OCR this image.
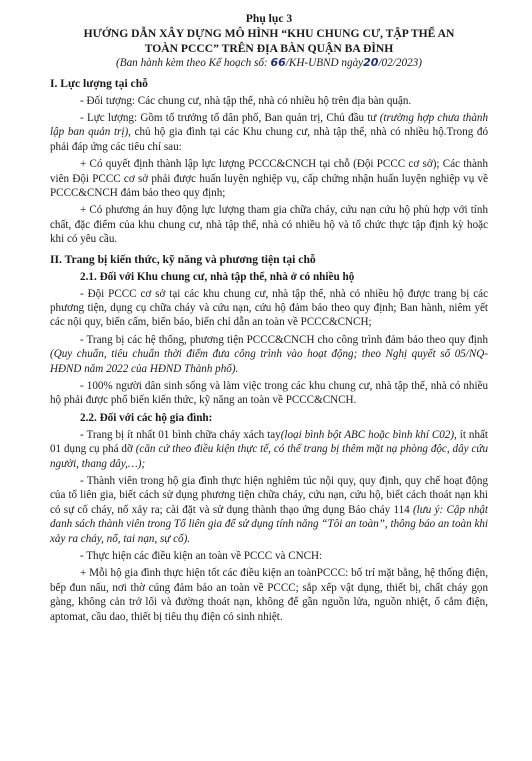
Phụ lục 3
HƯỚNG DẪN XÂY DỰNG MÔ HÌNH “KHU CHUNG CƯ, TẬP THỂ AN
TOÀN PCCC” TRÊN ĐỊA BÀN QUẬN BA ĐÌNH
(Ban hành kèm theo Kế hoạch số: 66/KH-UBND ngày20/02/2023)
I. Lực lượng tại chỗ

- Đối tượng: Các chung cư, nhà tập thể, nhà có nhiều hộ trên địa bàn quận.

- Lực lượng: Gồm tổ trưởng tổ dân phố, Ban quản trị, Chủ đầu tư (trường hợp chưa thành lập ban quản trị), chủ hộ gia đình tại các Khu chung cư, nhà tập thể, nhà có nhiều hộ.Trong đó phải đáp ứng các tiêu chí sau:

+ Có quyết định thành lập lực lượng PCCC&CNCH tại chỗ (Đội PCCC cơ sở); Các thành viên Đội PCCC cơ sở phải được huấn luyện nghiệp vụ, cấp chứng nhận huấn luyện nghiệp vụ về PCCC&CNCH đảm bảo theo quy định;

+ Có phương án huy động lực lượng tham gia chữa cháy, cứu nạn cứu hộ phù hợp với tính chất, đặc điểm của khu chung cư, nhà tập thể, nhà có nhiều hộ và tổ chức thực tập định kỳ hoặc khi có yêu cầu.

II. Trang bị kiến thức, kỹ năng và phương tiện tại chỗ
2.1. Đối với Khu chung cư, nhà tập thể, nhà ở có nhiều hộ

- Đội PCCC cơ sở tại các khu chung cư, nhà tập thể, nhà có nhiều hộ được trang bị các phương tiện, dụng cụ chữa cháy và cứu nạn, cứu hộ đảm bảo theo quy định; Ban hành, niêm yết các nội quy, biển cấm, biển báo, biển chỉ dẫn an toàn về PCCC&CNCH;

- Trang bị các hệ thống, phương tiện PCCC&CNCH cho công trình đảm bảo theo quy định (Quy chuẩn, tiêu chuẩn thời điểm đưa công trình vào hoạt động; theo Nghị quyết số 05/NQ- HĐND năm 2022 của HĐND Thành phố).

- 100% người dân sinh sống và làm việc trong các khu chung cư, nhà tập thể, nhà có nhiều hộ phải được phổ biến kiến thức, kỹ năng an toàn về PCCC&CNCH.

2.2. Đối với các hộ gia đình:

- Trang bị ít nhất 01 bình chữa cháy xách tay(loại bình bột ABC hoặc bình khí C02), ít nhất 01 dụng cụ phá dỡ (căn cứ theo điều kiện thực tế, có thể trang bị thêm mặt nạ phòng độc, dây cứu người, thang dây,…);

- Thành viên trong hộ gia đình thực hiện nghiêm túc nội quy, quy định, quy chế hoạt động của tổ liên gia, biết cách sử dụng phương tiện chữa cháy, cứu nạn, cứu hộ, biết cách thoát nạn khi có sự cố cháy, nổ xảy ra; cài đặt và sử dụng thành thạo ứng dụng Báo cháy 114 (lưu ý: Cập nhật danh sách thành viên trong Tổ liên gia để sử dụng tính năng “Tôi an toàn”, thông báo an toàn khi xảy ra cháy, nổ, tai nạn, sự cố).

- Thực hiện các điều kiện an toàn về PCCC và CNCH:

+ Mỗi hộ gia đình thực hiện tốt các điều kiện an toànPCCC: bố trí mặt bằng, hệ thống điện, bếp đun nấu, nơi thờ cúng đảm bảo an toàn về PCCC; sắp xếp vật dụng, thiết bị, chất cháy gọn gàng, không cản trở lối và đường thoát nạn, không để gần nguồn lửa, nguồn nhiệt, ổ cắm điện, aptomat, cầu dao, thiết bị tiêu thụ điện có sinh nhiệt.
